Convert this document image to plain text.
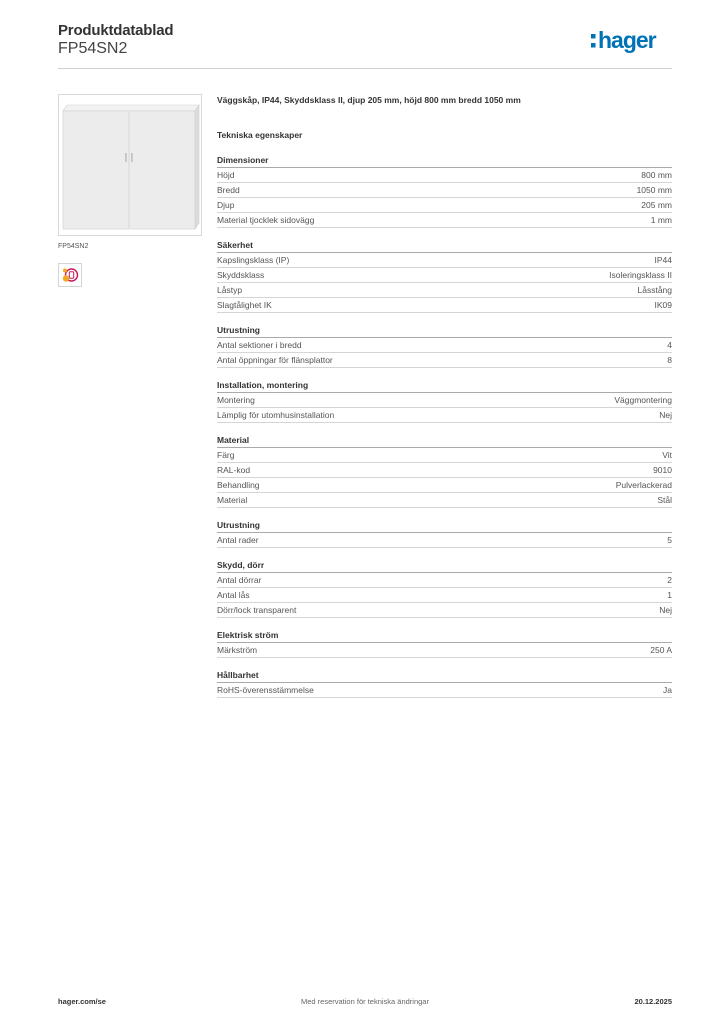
Produktdatablad
FP54SN2	hager
FP54SN2
Väggskåp, IP44, Skyddsklass II, djup 205 mm, höjd 800 mm bredd 1050 mm
Tekniska egenskaper
Dimensioner
Höjd	800 mm
Bredd	1050 mm
Djup	205 mm
Material tjocklek sidovägg	1 mm
Säkerhet
Kapslingsklass (IP)	IP44
Skyddsklass	Isoleringsklass II
Låstyp	Låsstång
Slagtålighet IK	IK09
Utrustning
Antal sektioner i bredd	4
Antal öppningar för flänsplattor	8
Installation, montering
Montering	Väggmontering
Lämplig för utomhusinstallation	Nej
Material
Färg	Vit
RAL-kod	9010
Behandling	Pulverlackerad
Material	Stål
Utrustning
Antal rader	5
Skydd, dörr
Antal dörrar	2
Antal lås	1
Dörr/lock transparent	Nej
Elektrisk ström
Märkström	250 A
Hållbarhet
RoHS-överensstämmelse	Ja
hager.com/se	Med reservation för tekniska ändringar	20.12.2025
